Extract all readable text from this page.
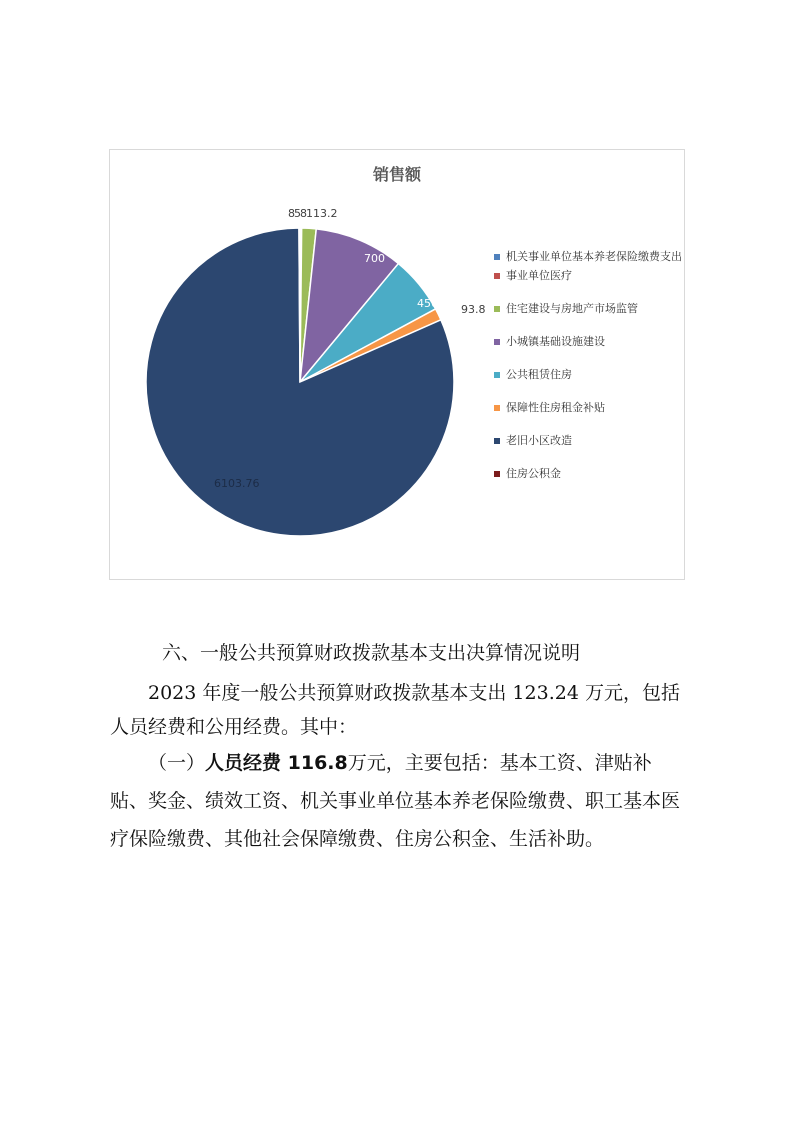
销售额
8 5 113.2
700
456.9 93.8
6103.76
8
机关事业单位基本养老保险缴费支出
事业单位医疗
住宅建设与房地产市场监管
小城镇基础设施建设
公共租赁住房
保障性住房租金补贴
老旧小区改造
住房公积金
六、一般公共预算财政拨款基本支出决算情况说明

2023 年度一般公共预算财政拨款基本支出 123.24 万元，包括人员经费和公用经费。其中：

（一）人员经费 116.8万元，主要包括：基本工资、津贴补贴、奖金、绩效工资、机关事业单位基本养老保险缴费、职工基本医疗保险缴费、其他社会保障缴费、住房公积金、生活补助。
